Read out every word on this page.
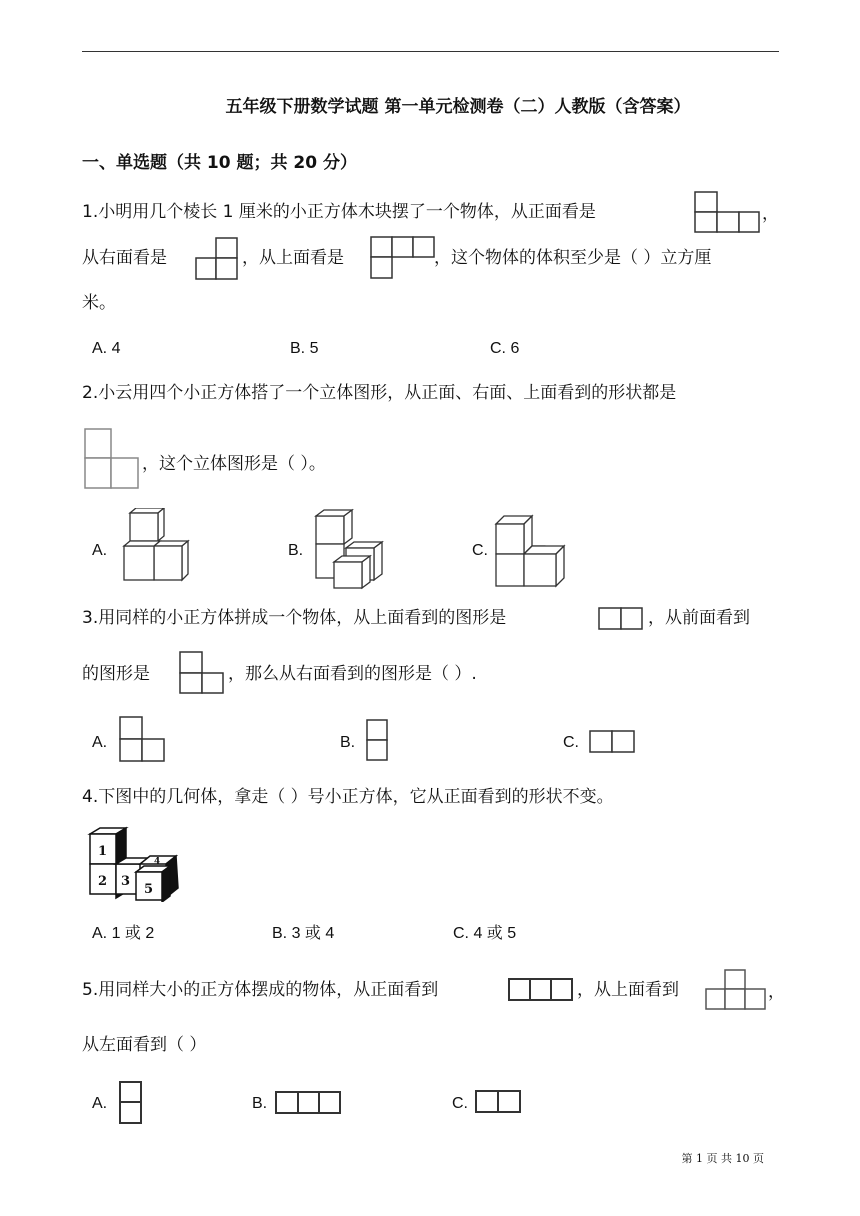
五年级下册数学试题 第一单元检测卷（二）人教版（含答案）
一、单选题（共 10 题；共 20 分）
1.小明用几个棱长 1 厘米的小正方体木块摆了一个物体，从正面看是	，
从右面看是	，从上面看是	，这个物体的体积至少是（ ）立方厘
米。
A. 4	B. 5	C. 6
2.小云用四个小正方体搭了一个立体图形，从正面、右面、上面看到的形状都是
，这个立体图形是（ ）。
A.	B.	C.
3.用同样的小正方体拼成一个物体，从上面看到的图形是	，从前面看到
的图形是	，那么从右面看到的图形是（ ）.
A.	B.	C.
4.下图中的几何体，拿走（ ）号小正方体，它从正面看到的形状不变。
1
2 3
4
5
A. 1 或 2	B. 3 或 4	C. 4 或 5
5.用同样大小的正方体摆成的物体，从正面看到	，从上面看到	，
从左面看到（ ）
A.	B.	C.
第 1 页 共 10 页
